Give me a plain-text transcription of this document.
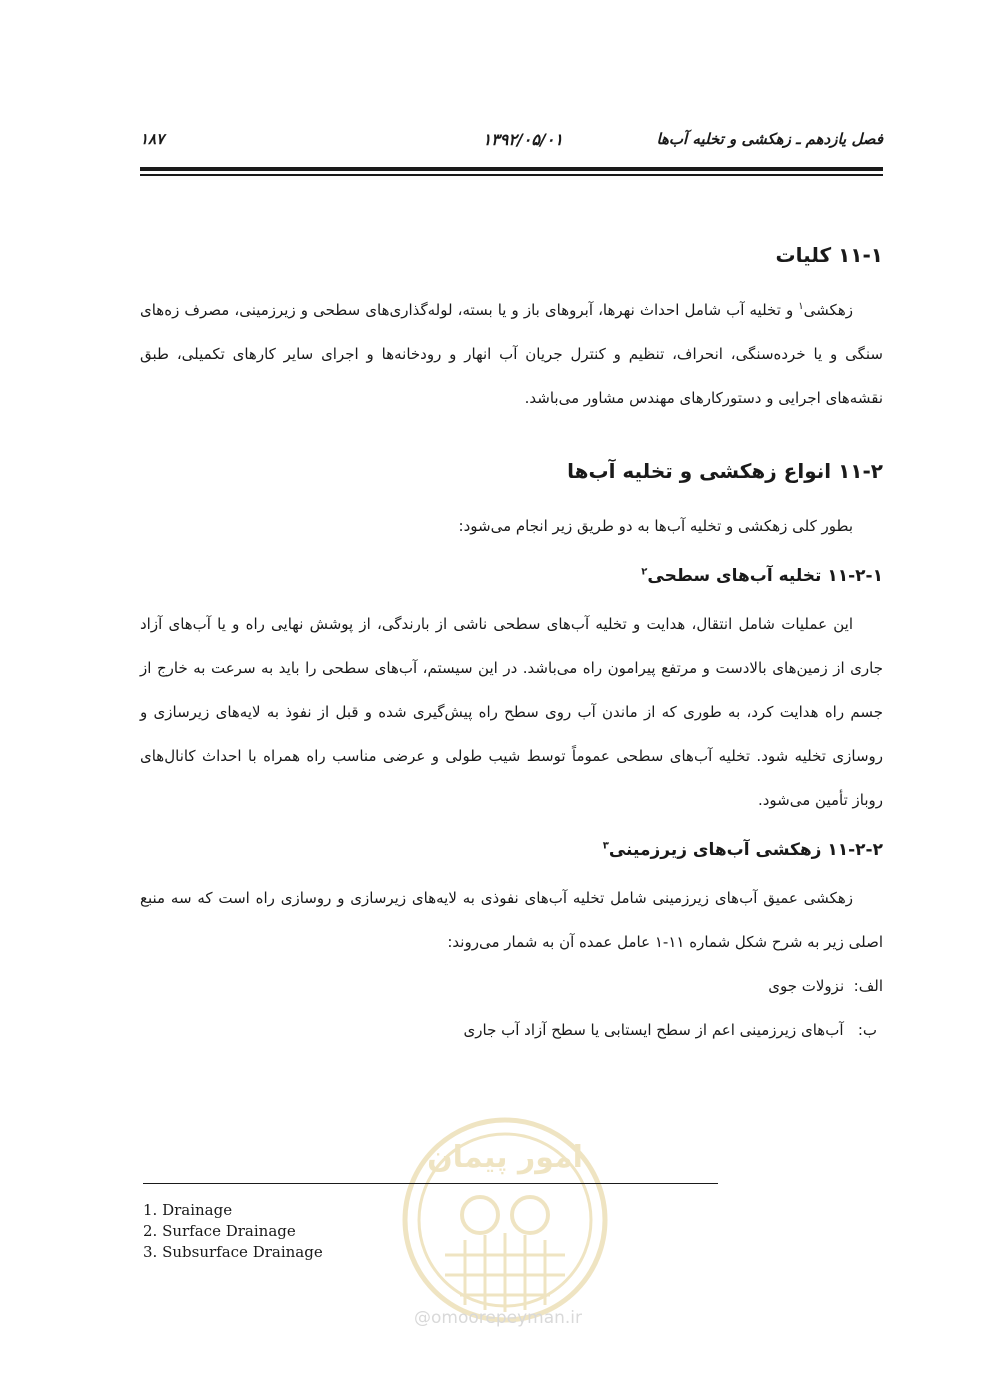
فصل یازدهم ـ زهکشی و تخلیه آب‌ها
۱۳۹۲/۰۵/۰۱
۱۸۷
۱۱-۱ کلیات

زهکشی$^۱$ و تخلیه آب شامل احداث نهرها، آبروهای باز و یا بسته، لوله‌گذاری‌های سطحی و زیرزمینی، مصرف زه‌های سنگی و یا خرده‌سنگی، انحراف، تنظیم و کنترل جریان آب انهار و رودخانه‌ها و اجرای سایر کارهای تکمیلی، طبق نقشه‌های اجرایی و دستورکارهای مهندس مشاور می‌باشد.

۱۱-۲ انواع زهکشی و تخلیه آب‌ها

بطور کلی زهکشی و تخلیه آب‌ها به دو طریق زیر انجام می‌شود:

۱۱-۲-۱ تخلیه آب‌های سطحی$^۲$

این عملیات شامل انتقال، هدایت و تخلیه آب‌های سطحی ناشی از بارندگی، از پوشش نهایی راه و یا آب‌های آزاد جاری از زمین‌های بالادست و مرتفع پیرامون راه می‌باشد. در این سیستم، آب‌های سطحی را باید به سرعت به خارج از جسم راه هدایت کرد، به طوری که از ماندن آب روی سطح راه پیش‌گیری شده و قبل از نفوذ به لایه‌های زیرسازی و روسازی تخلیه شود. تخلیه آب‌های سطحی عموماً توسط شیب طولی و عرضی مناسب راه همراه با احداث کانال‌های روباز تأمین می‌شود.

۱۱-۲-۲ زهکشی آب‌های زیرزمینی$^۳$

زهکشی عمیق آب‌های زیرزمینی شامل تخلیه آب‌های نفوذی به لایه‌های زیرسازی و روسازی راه است که سه منبع اصلی زیر به شرح شکل شماره ۱۱-۱ عامل عمده آن به شمار می‌روند:

الف:  نزولات جوی
ب:   آب‌های زیرزمینی اعم از سطح ایستابی یا سطح آزاد آب جاری
امور پیمان
@omoorepeyman.ir
1. Drainage
2. Surface Drainage
3. Subsurface Drainage
